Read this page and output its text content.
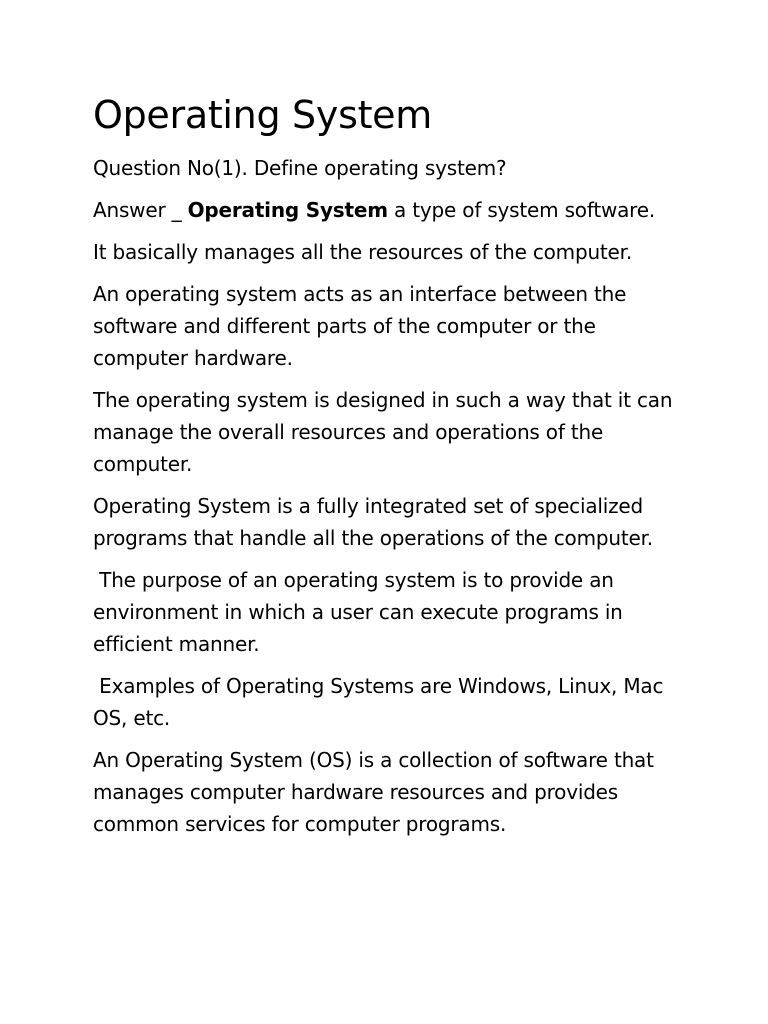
Operating System

Question No(1). Define operating system?

Answer _ Operating System a type of system software.

It basically manages all the resources of the computer.

An operating system acts as an interface between the software and different parts of the computer or the computer hardware.

The operating system is designed in such a way that it can manage the overall resources and operations of the computer.

Operating System is a fully integrated set of specialized programs that handle all the operations of the computer.

The purpose of an operating system is to provide an environment in which a user can execute programs in efficient manner.

Examples of Operating Systems are Windows, Linux, Mac OS, etc.

An Operating System (OS) is a collection of software that manages computer hardware resources and provides common services for computer programs.
